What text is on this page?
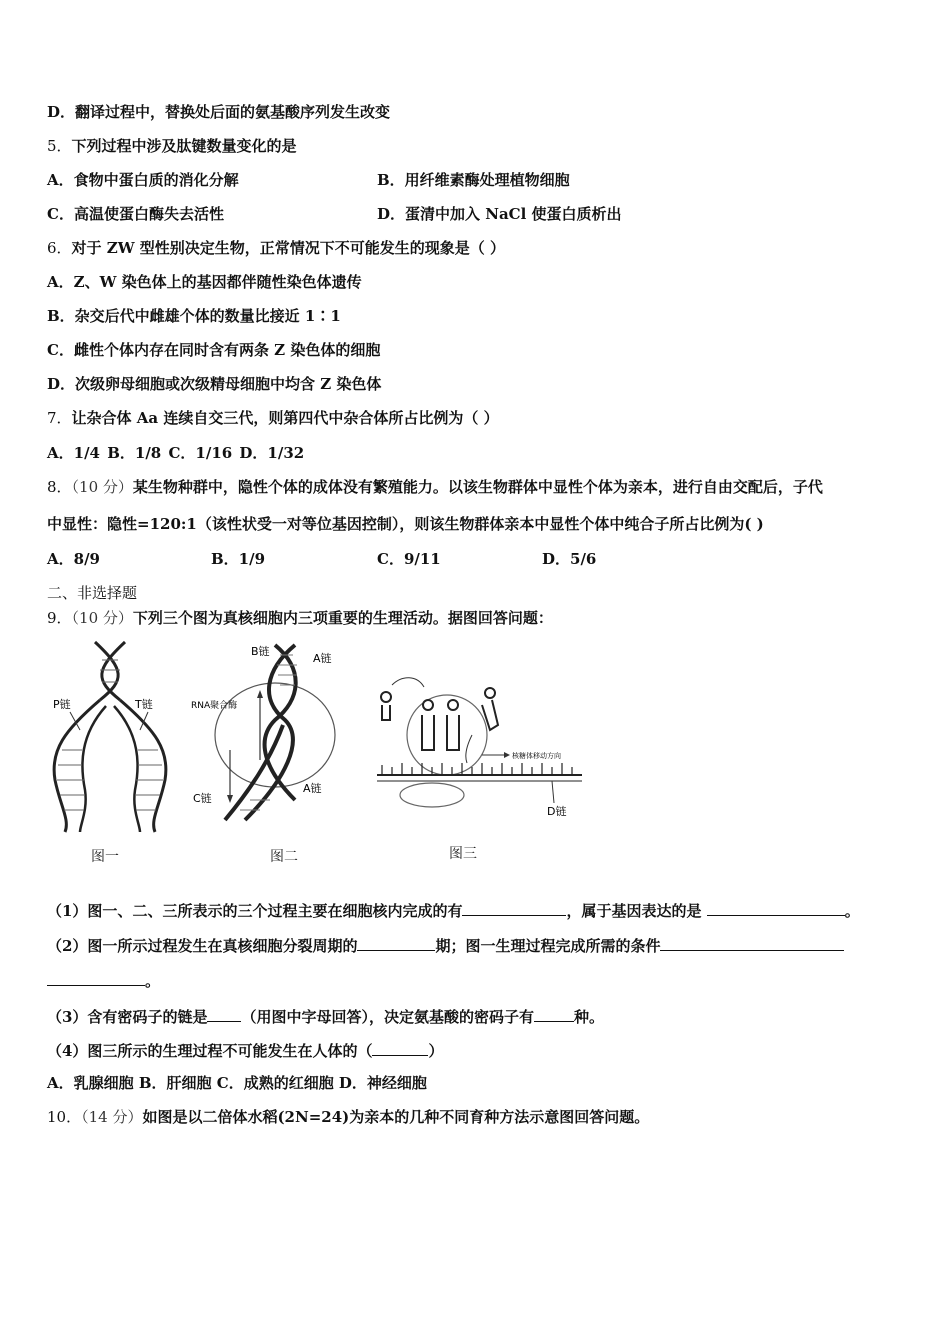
D．翻译过程中，替换处后面的氨基酸序列发生改变
5．下列过程中涉及肽键数量变化的是
A．食物中蛋白质的消化分解	B．用纤维素酶处理植物细胞
C．高温使蛋白酶失去活性	D．蛋清中加入 NaCl 使蛋白质析出
6．对于 ZW 型性别决定生物，正常情况下不可能发生的现象是（ ）
A．Z、W 染色体上的基因都伴随性染色体遗传
B．杂交后代中雌雄个体的数量比接近 1∶1
C．雌性个体内存在同时含有两条 Z 染色体的细胞
D．次级卵母细胞或次级精母细胞中均含 Z 染色体
7．让杂合体 Aa 连续自交三代，则第四代中杂合体所占比例为（ ）
A．1/4 B．1/8 C．1/16 D．1/32
8．（10 分）某生物种群中，隐性个体的成体没有繁殖能力。以该生物群体中显性个体为亲本，进行自由交配后，子代
中显性：隐性=120:1（该性状受一对等位基因控制），则该生物群体亲本中显性个体中纯合子所占比例为( )
A．8/9	B．1/9	C．9/11	D．5/6
二、非选择题
9．（10 分）下列三个图为真核细胞内三项重要的生理活动。据图回答问题：
P链	T链
图一
B链
A链
RNA聚合酶
C链
A链
图二
核糖体移动方向
D链
图三
（1）图一、二、三所表示的三个过程主要在细胞核内完成的有	，属于基因表达的是	。
（2）图一所示过程发生在真核细胞分裂周期的	期；图一生理过程完成所需的条件
。
（3）含有密码子的链是 （用图中字母回答），决定氨基酸的密码子有	种。
（4）图三所示的生理过程不可能发生在人体的（	）
A．乳腺细胞 B．肝细胞 C．成熟的红细胞 D．神经细胞
10．（14 分）如图是以二倍体水稻(2N=24)为亲本的几种不同育种方法示意图回答问题。
